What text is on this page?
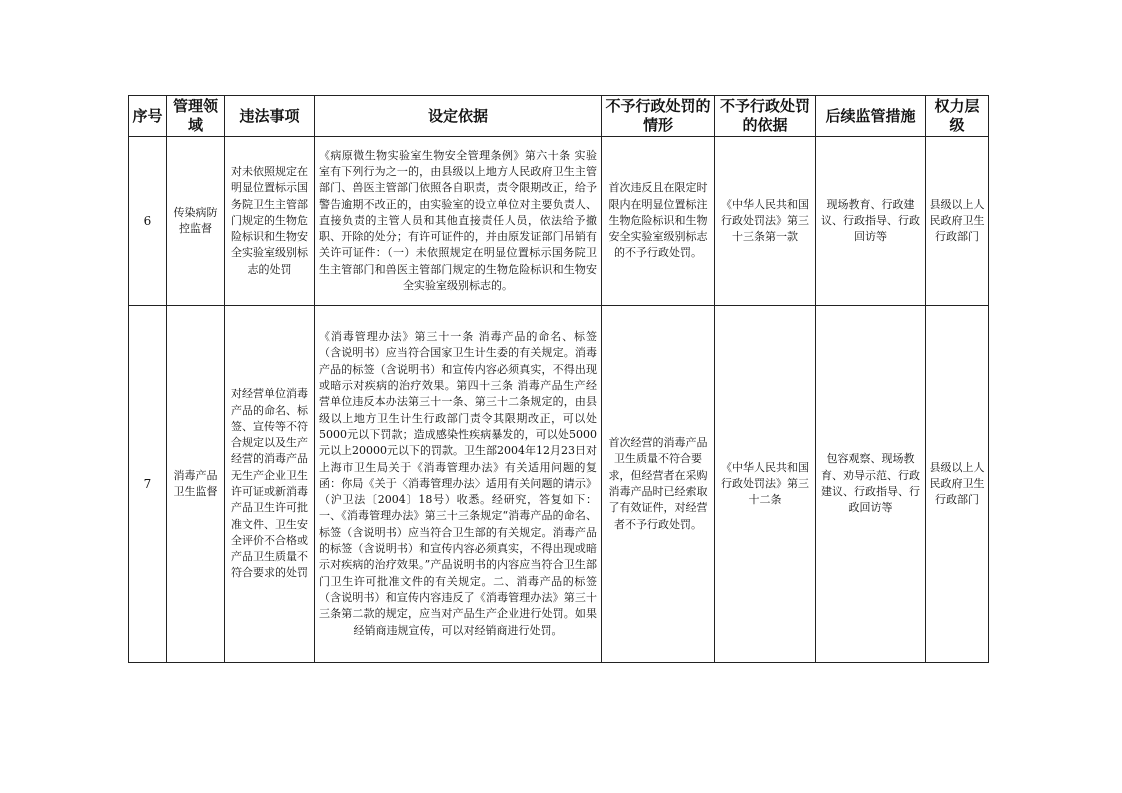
序号	管理领域	违法事项	设定依据	不予行政处罚的情形	不予行政处罚的依据	后续监管措施	权力层级
6	传染病防控监督	对未依照规定在明显位置标示国务院卫生主管部门规定的生物危险标识和生物安全实验室级别标志的处罚	《病原微生物实验室生物安全管理条例》第六十条 实验室有下列行为之一的，由县级以上地方人民政府卫生主管部门、兽医主管部门依照各自职责，责令限期改正，给予警告逾期不改正的，由实验室的设立单位对主要负责人、直接负责的主管人员和其他直接责任人员，依法给予撤职、开除的处分；有许可证件的，并由原发证部门吊销有关许可证件：（一）未依照规定在明显位置标示国务院卫生主管部门和兽医主管部门规定的生物危险标识和生物安全实验室级别标志的。	首次违反且在限定时限内在明显位置标注生物危险标识和生物安全实验室级别标志的不予行政处罚。	《中华人民共和国行政处罚法》第三十三条第一款	现场教育、行政建议、行政指导、行政回访等	县级以上人民政府卫生行政部门
7	消毒产品卫生监督	对经营单位消毒产品的命名、标签、宣传等不符合规定以及生产经营的消毒产品无生产企业卫生许可证或新消毒产品卫生许可批准文件、卫生安全评价不合格或产品卫生质量不符合要求的处罚	《消毒管理办法》第三十一条 消毒产品的命名、标签（含说明书）应当符合国家卫生计生委的有关规定。消毒产品的标签（含说明书）和宣传内容必须真实，不得出现或暗示对疾病的治疗效果。第四十三条 消毒产品生产经营单位违反本办法第三十一条、第三十二条规定的，由县级以上地方卫生计生行政部门责令其限期改正，可以处5000元以下罚款；造成感染性疾病暴发的，可以处5000元以上20000元以下的罚款。卫生部2004年12月23日对上海市卫生局关于《消毒管理办法》有关适用问题的复函：你局《关于〈消毒管理办法〉适用有关问题的请示》（沪卫法〔2004〕18号）收悉。经研究，答复如下：一、《消毒管理办法》第三十三条规定“消毒产品的命名、标签（含说明书）应当符合卫生部的有关规定。消毒产品的标签（含说明书）和宣传内容必须真实，不得出现或暗示对疾病的治疗效果。”产品说明书的内容应当符合卫生部门卫生许可批准文件的有关规定。二、消毒产品的标签（含说明书）和宣传内容违反了《消毒管理办法》第三十三条第二款的规定，应当对产品生产企业进行处罚。如果经销商违规宣传，可以对经销商进行处罚。	首次经营的消毒产品卫生质量不符合要求，但经营者在采购消毒产品时已经索取了有效证件，对经营者不予行政处罚。	《中华人民共和国行政处罚法》第三十二条	包容观察、现场教育、劝导示范、行政建议、行政指导、行政回访等	县级以上人民政府卫生行政部门
